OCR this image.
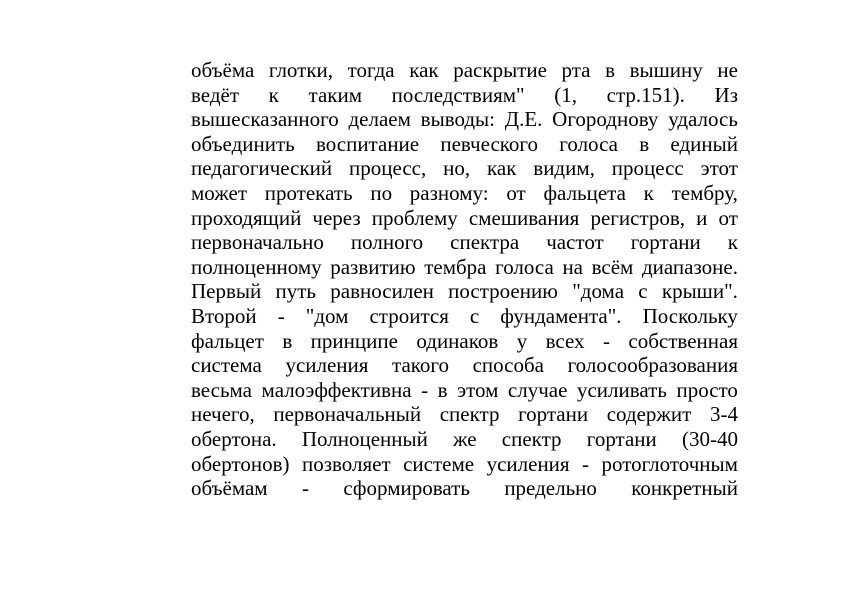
объёма глотки, тогда как раскрытие рта в вышину не
ведёт к таким последствиям" (1, стр.151). Из
вышесказанного делаем выводы: Д.Е. Огороднову удалось
объединить воспитание певческого голоса в единый
педагогический процесс, но, как видим, процесс этот
может протекать по разному: от фальцета к тембру,
проходящий через проблему смешивания регистров, и от
первоначально полного спектра частот гортани к
полноценному развитию тембра голоса на всём диапазоне.
Первый путь равносилен построению "дома с крыши".
Второй - "дом строится с фундамента". Поскольку
фальцет в принципе одинаков у всех - собственная
система усиления такого способа голосообразования
весьма малоэффективна - в этом случае усиливать просто
нечего, первоначальный спектр гортани содержит 3-4
обертона. Полноценный же спектр гортани (30-40
обертонов) позволяет системе усиления - ротоглоточным
объёмам - сформировать предельно конкретный
